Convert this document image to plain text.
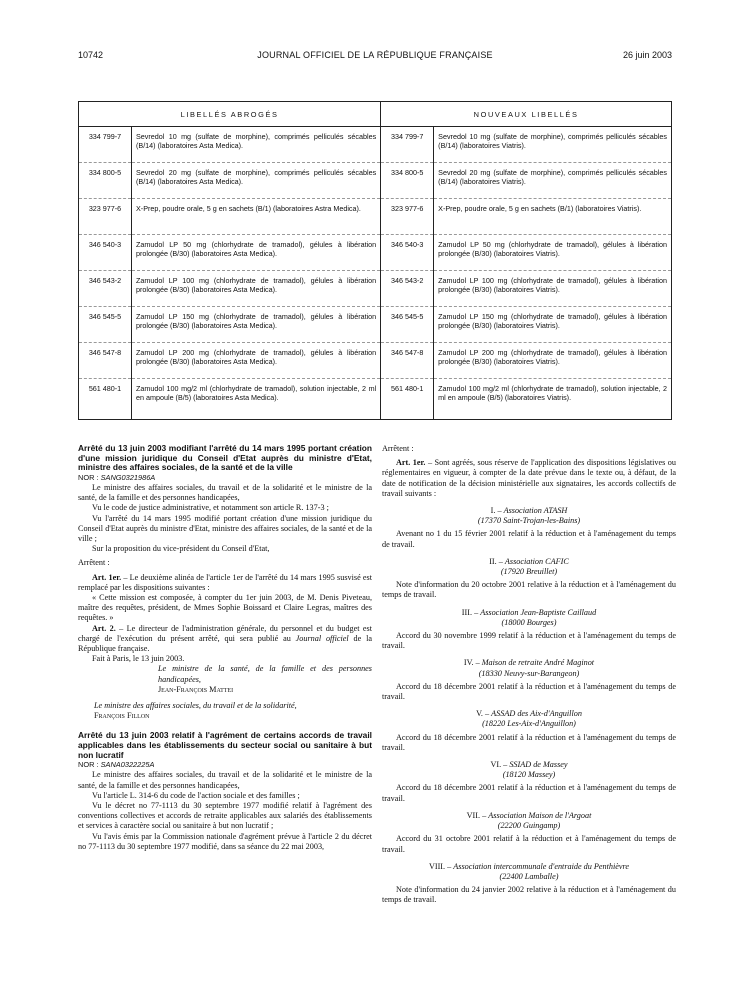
10742	JOURNAL OFFICIEL DE LA RÉPUBLIQUE FRANÇAISE	26 juin 2003
LIBELLÉS ABROGÉS		NOUVEAUX LIBELLÉS	
334 799-7	Sevredol 10 mg (sulfate de morphine), comprimés pelliculés sécables (B/14) (laboratoires Asta Medica).	334 799-7	Sevredol 10 mg (sulfate de morphine), comprimés pelliculés sécables (B/14) (laboratoires Viatris).
334 800-5	Sevredol 20 mg (sulfate de morphine), comprimés pelliculés sécables (B/14) (laboratoires Asta Medica).	334 800-5	Sevredol 20 mg (sulfate de morphine), comprimés pelliculés sécables (B/14) (laboratoires Viatris).
323 977-6	X-Prep, poudre orale, 5 g en sachets (B/1) (laboratoires Astra Medica).	323 977-6	X-Prep, poudre orale, 5 g en sachets (B/1) (laboratoires Viatris).
346 540-3	Zamudol LP 50 mg (chlorhydrate de tramadol), gélules à libération prolongée (B/30) (laboratoires Asta Medica).	346 540-3	Zamudol LP 50 mg (chlorhydrate de tramadol), gélules à libération prolongée (B/30) (laboratoires Viatris).
346 543-2	Zamudol LP 100 mg (chlorhydrate de tramadol), gélules à libération prolongée (B/30) (laboratoires Asta Medica).	346 543-2	Zamudol LP 100 mg (chlorhydrate de tramadol), gélules à libération prolongée (B/30) (laboratoires Viatris).
346 545-5	Zamudol LP 150 mg (chlorhydrate de tramadol), gélules à libération prolongée (B/30) (laboratoires Asta Medica).	346 545-5	Zamudol LP 150 mg (chlorhydrate de tramadol), gélules à libération prolongée (B/30) (laboratoires Viatris).
346 547-8	Zamudol LP 200 mg (chlorhydrate de tramadol), gélules à libération prolongée (B/30) (laboratoires Asta Medica).	346 547-8	Zamudol LP 200 mg (chlorhydrate de tramadol), gélules à libération prolongée (B/30) (laboratoires Viatris).
561 480-1	Zamudol 100 mg/2 ml (chlorhydrate de tramadol), solution injectable, 2 ml en ampoule (B/5) (laboratoires Asta Medica).	561 480-1	Zamudol 100 mg/2 ml (chlorhydrate de tramadol), solution injectable, 2 ml en ampoule (B/5) (laboratoires Viatris).

Arrêté du 13 juin 2003 modifiant l'arrêté du 14 mars 1995 portant création d'une mission juridique du Conseil d'Etat auprès du ministre d'Etat, ministre des affaires sociales, de la santé et de la ville

NOR : SANG0321986A

Le ministre des affaires sociales, du travail et de la solidarité et le ministre de la santé, de la famille et des personnes handicapées,

Vu le code de justice administrative, et notamment son article R. 137-3 ;

Vu l'arrêté du 14 mars 1995 modifié portant création d'une mission juridique du Conseil d'Etat auprès du ministre d'Etat, ministre des affaires sociales, de la santé et de la ville ;

Sur la proposition du vice-président du Conseil d'Etat,

Arrêtent :

Art. 1er. – Le deuxième alinéa de l'article 1er de l'arrêté du 14 mars 1995 susvisé est remplacé par les dispositions suivantes :

« Cette mission est composée, à compter du 1er juin 2003, de M. Denis Piveteau, maître des requêtes, président, de Mmes Sophie Boissard et Claire Legras, maîtres des requêtes. »

Art. 2. – Le directeur de l'administration générale, du personnel et du budget est chargé de l'exécution du présent arrêté, qui sera publié au Journal officiel de la République française.

Fait à Paris, le 13 juin 2003.

Le ministre de la santé, de la famille et des personnes handicapées,

Jean-François Mattei

Le ministre des affaires sociales, du travail et de la solidarité,

François Fillon

Arrêté du 13 juin 2003 relatif à l'agrément de certains accords de travail applicables dans les établissements du secteur social ou sanitaire à but non lucratif

NOR : SANA0322225A

Le ministre des affaires sociales, du travail et de la solidarité et le ministre de la santé, de la famille et des personnes handicapées,

Vu l'article L. 314-6 du code de l'action sociale et des familles ;

Vu le décret no 77-1113 du 30 septembre 1977 modifié relatif à l'agrément des conventions collectives et accords de retraite applicables aux salariés des établissements et services à caractère social ou sanitaire à but non lucratif ;

Vu l'avis émis par la Commission nationale d'agrément prévue à l'article 2 du décret no 77-1113 du 30 septembre 1977 modifié, dans sa séance du 22 mai 2003,

Arrêtent :

Art. 1er. – Sont agréés, sous réserve de l'application des dispositions législatives ou réglementaires en vigueur, à compter de la date prévue dans le texte ou, à défaut, de la date de notification de la décision ministérielle aux signataires, les accords collectifs de travail suivants :

I. – Association ATASH

(17370 Saint-Trojan-les-Bains)

Avenant no 1 du 15 février 2001 relatif à la réduction et à l'aménagement du temps de travail.

II. – Association CAFIC

(17920 Breuillet)

Note d'information du 20 octobre 2001 relative à la réduction et à l'aménagement du temps de travail.

III. – Association Jean-Baptiste Caillaud

(18000 Bourges)

Accord du 30 novembre 1999 relatif à la réduction et à l'aménagement du temps de travail.

IV. – Maison de retraite André Maginot

(18330 Neuvy-sur-Barangeon)

Accord du 18 décembre 2001 relatif à la réduction et à l'aménagement du temps de travail.

V. – ASSAD des Aix-d'Anguillon

(18220 Les-Aix-d'Anguillon)

Accord du 18 décembre 2001 relatif à la réduction et à l'aménagement du temps de travail.

VI. – SSIAD de Massey

(18120 Massey)

Accord du 18 décembre 2001 relatif à la réduction et à l'aménagement du temps de travail.

VII. – Association Maison de l'Argoat

(22200 Guingamp)

Accord du 31 octobre 2001 relatif à la réduction et à l'aménagement du temps de travail.

VIII. – Association intercommunale d'entraide du Penthièvre

(22400 Lamballe)

Note d'information du 24 janvier 2002 relative à la réduction et à l'aménagement du temps de travail.
